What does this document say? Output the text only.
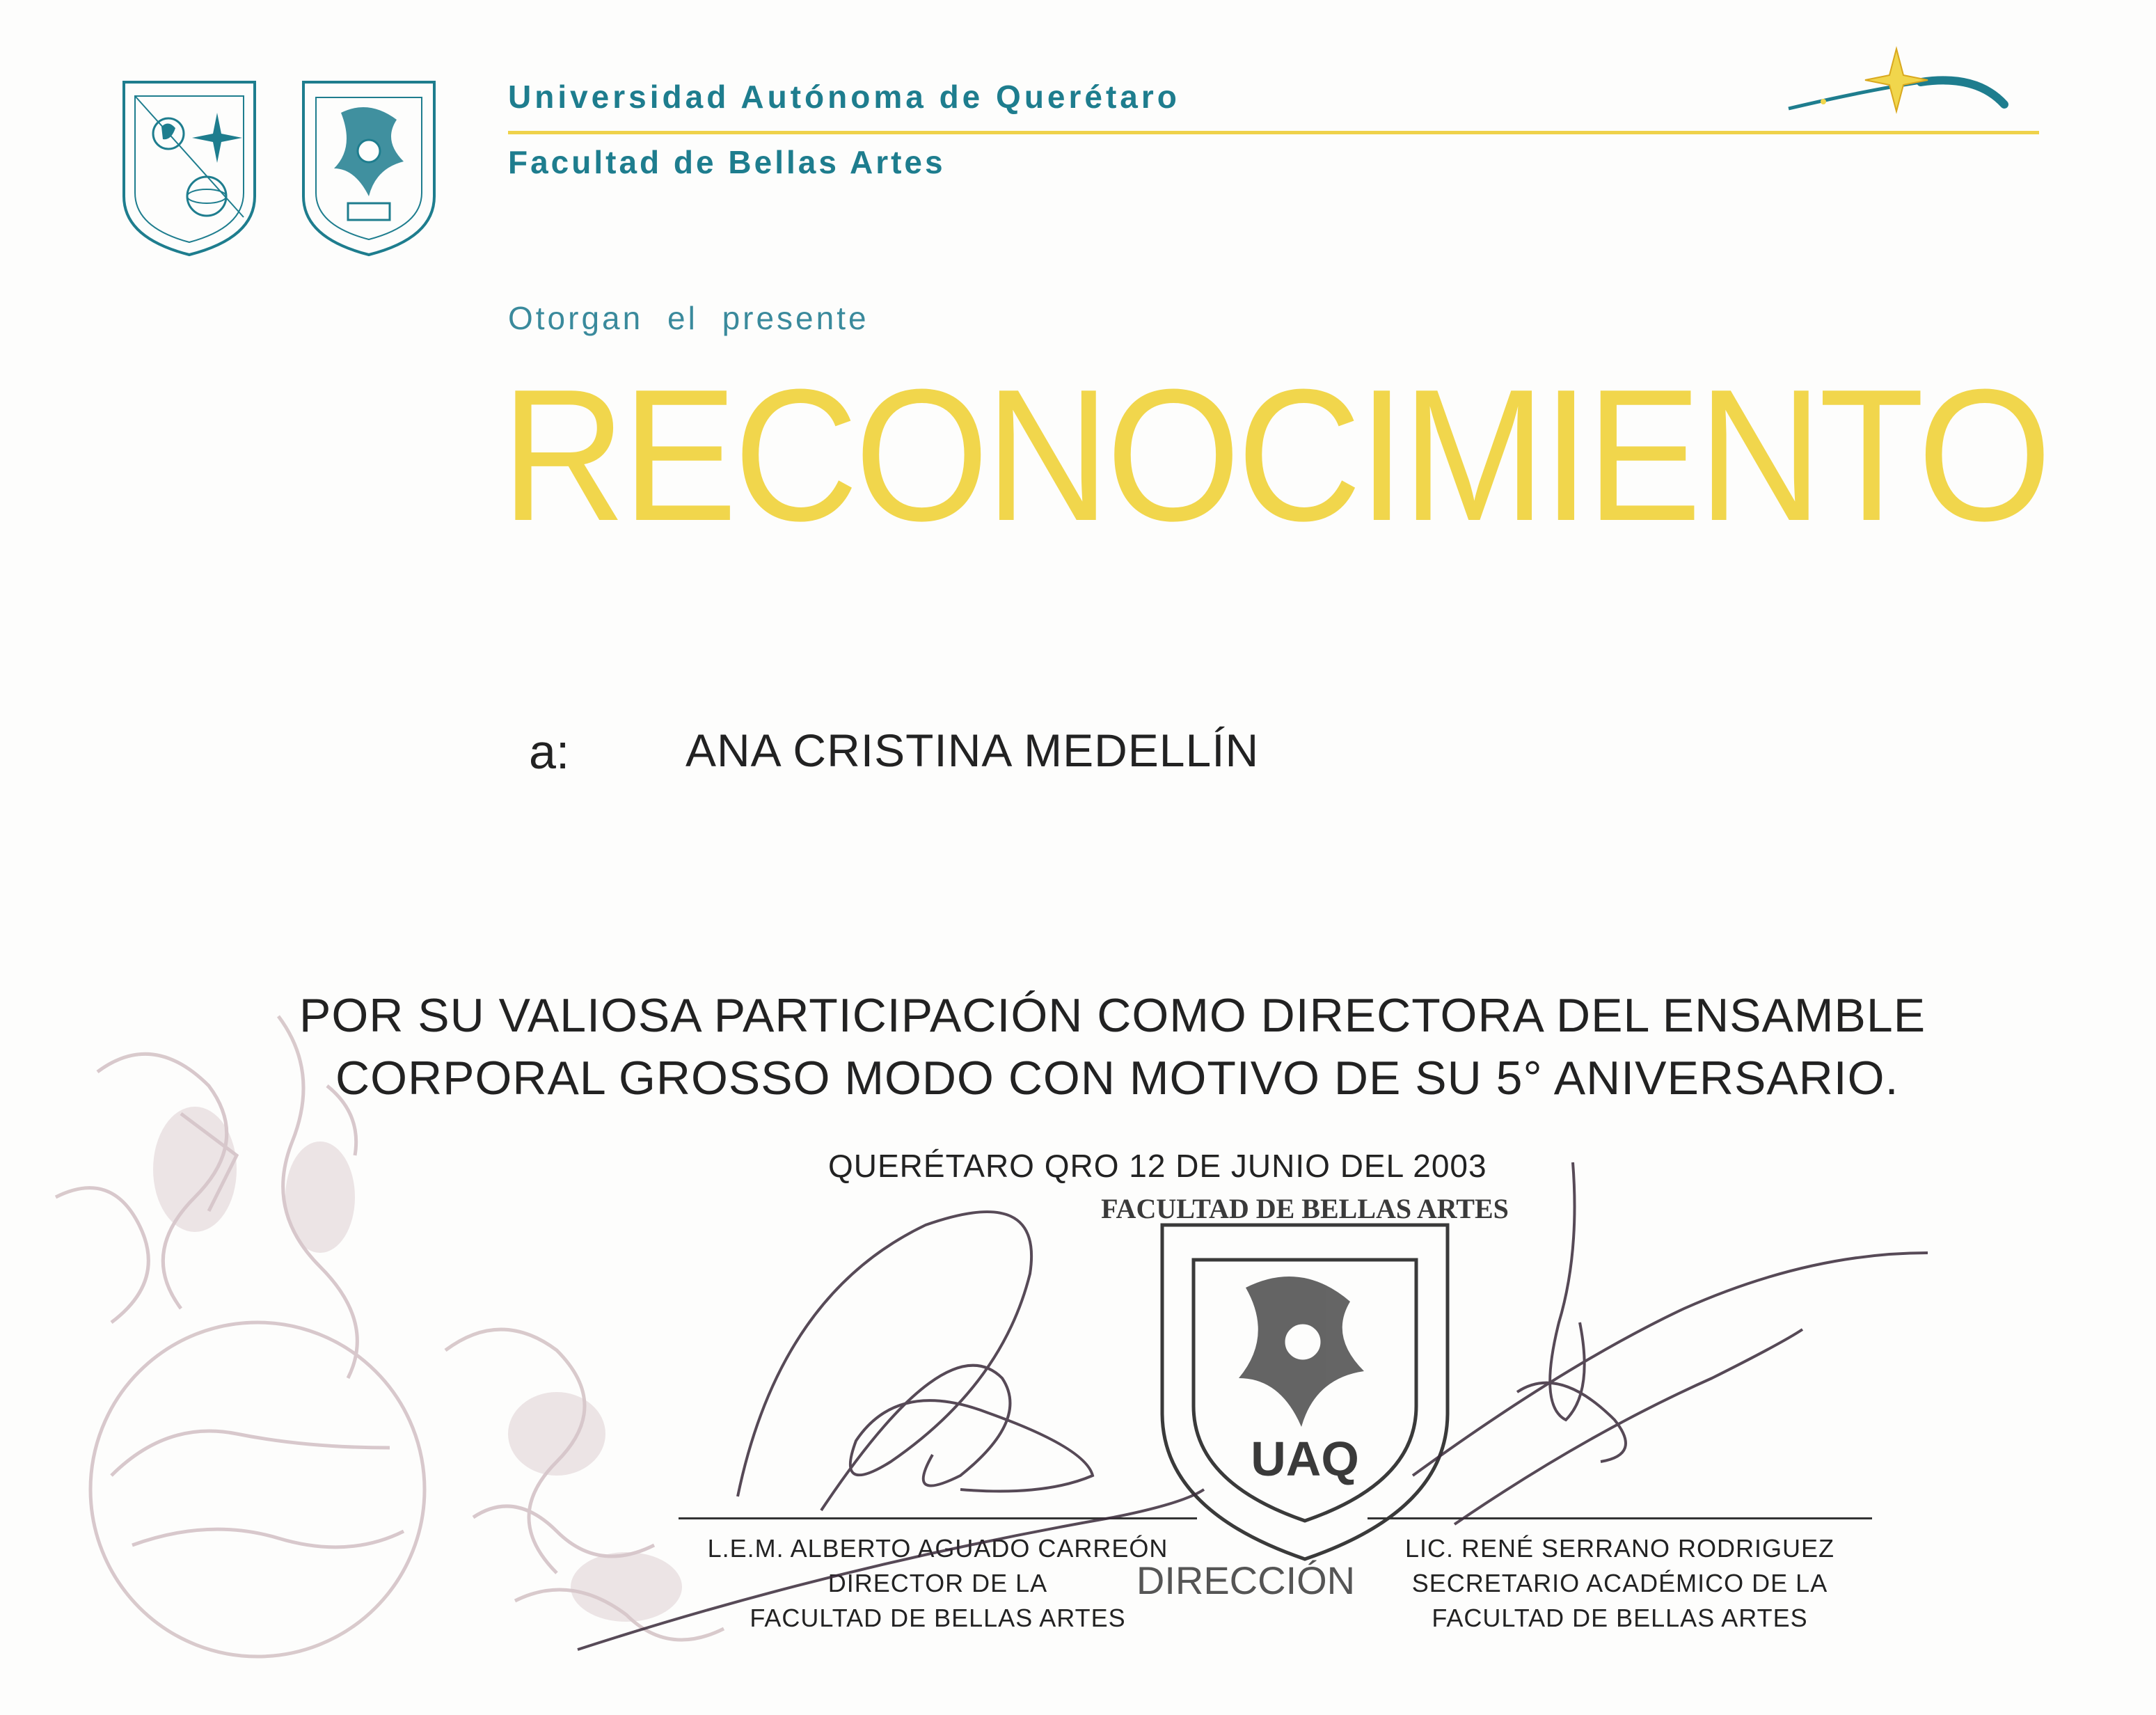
Universidad Autónoma de Querétaro
Facultad de Bellas Artes
Otorgan el presente
RECONOCIMIENTO
a:	ANA CRISTINA MEDELLÍN
POR SU VALIOSA PARTICIPACIÓN COMO DIRECTORA DEL ENSAMBLE
CORPORAL GROSSO MODO CON MOTIVO DE SU 5° ANIVERSARIO.
QUERÉTARO QRO 12 DE JUNIO DEL 2003
FACULTAD DE BELLAS ARTES
UAQ
DIRECCIÓN
L.E.M. ALBERTO AGUADO CARREÓN
DIRECTOR DE LA
FACULTAD DE BELLAS ARTES
LIC. RENÉ SERRANO RODRIGUEZ
SECRETARIO ACADÉMICO DE LA
FACULTAD DE BELLAS ARTES
